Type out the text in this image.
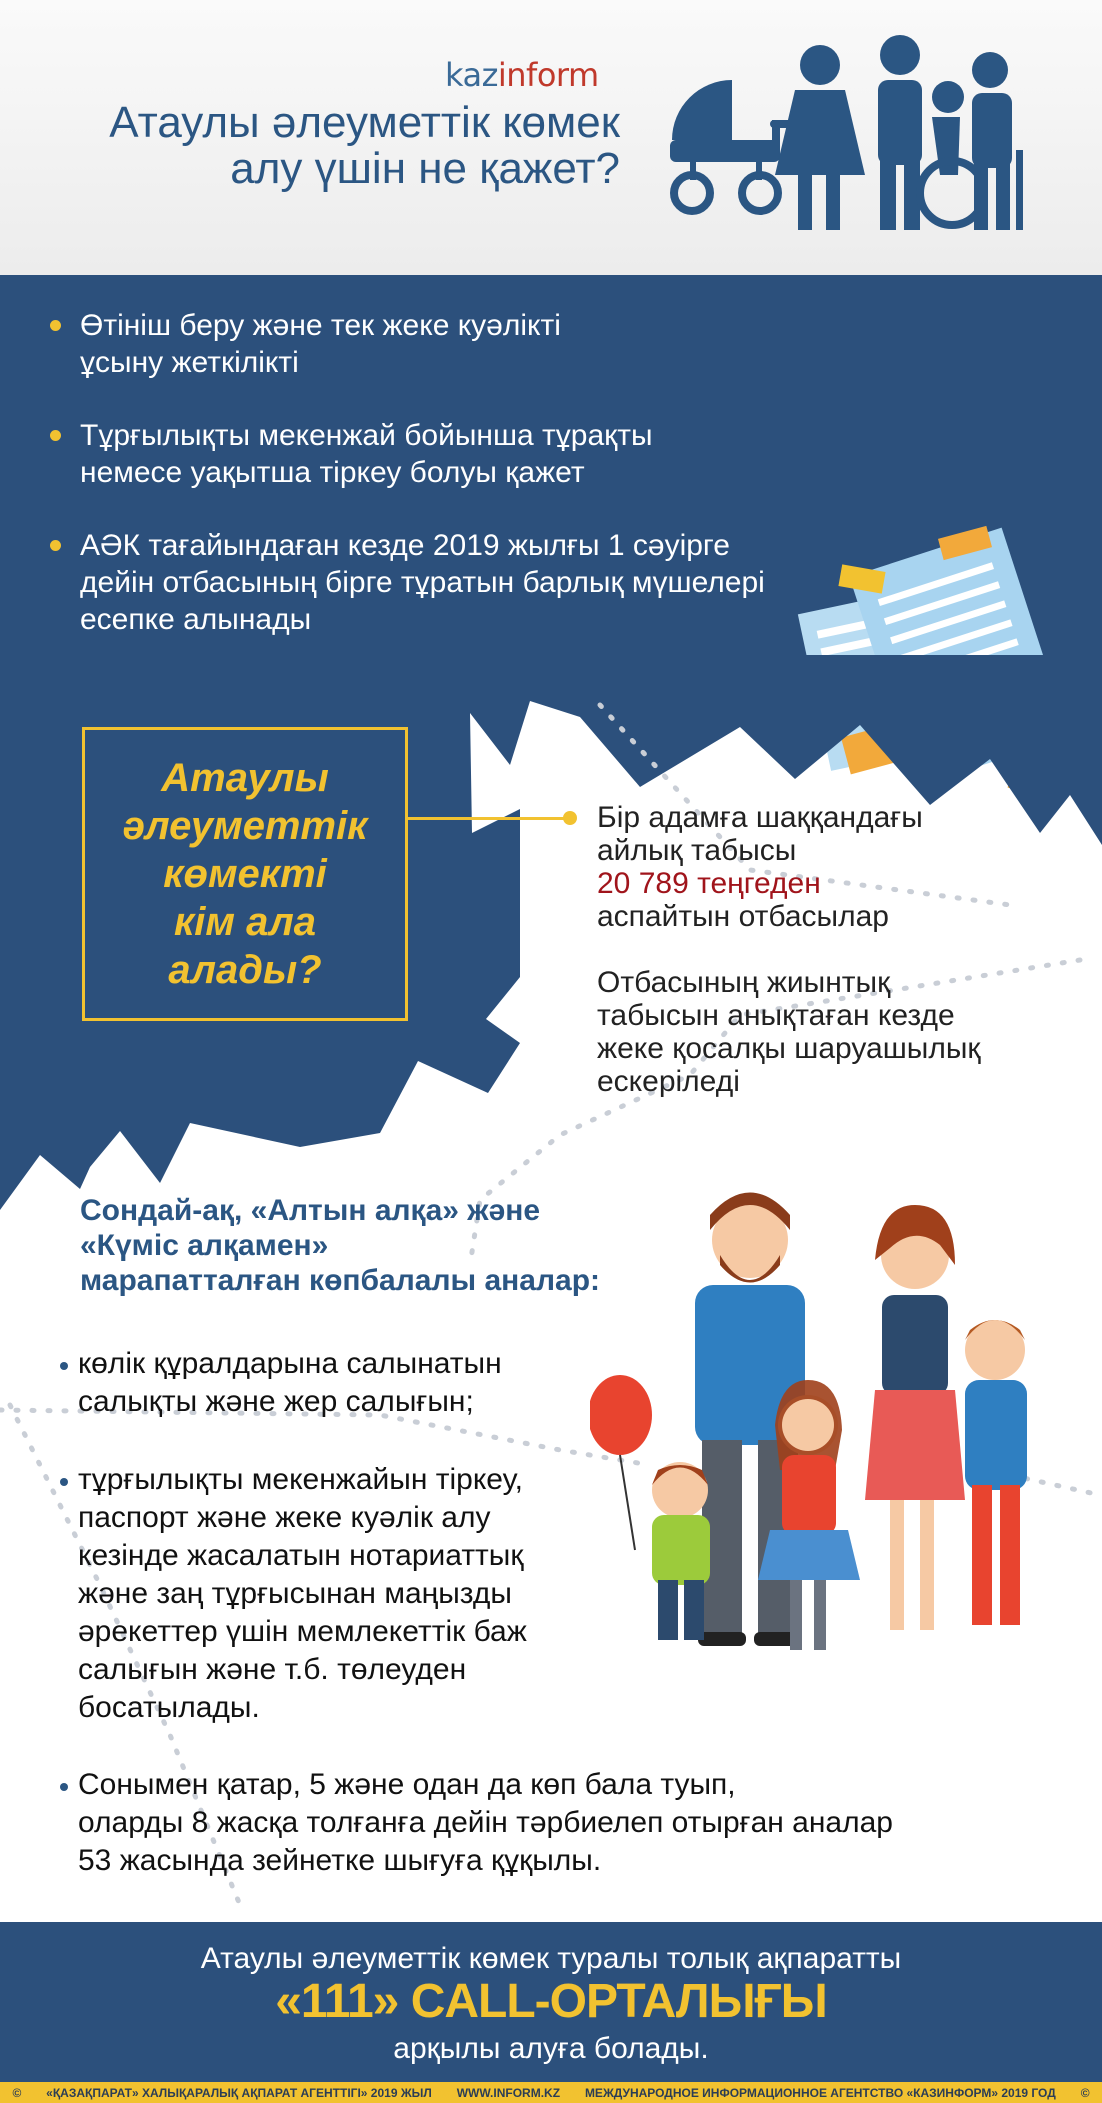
kazinform
Атаулы әлеуметтік көмек
алу үшін не қажет?
Өтініш беру және тек жеке куәлікті
ұсыну жеткілікті
Тұрғылықты мекенжай бойынша тұрақты
немесе уақытша тіркеу болуы қажет
АӘК тағайындаған кезде 2019 жылғы 1 сәуірге
дейін отбасының бірге тұратын барлық мүшелері
есепке алынады
Атаулы
әлеуметтік
көмекті
кім ала
алады?
Бір адамға шаққандағы
айлық табысы
20 789 теңгеден
аспайтын отбасылар
Отбасының жиынтық
табысын анықтаған кезде
жеке қосалқы шаруашылық
ескеріледі
Сондай-ақ, «Алтын алқа» және
«Күміс алқамен»
марапатталған көпбалалы аналар:
көлік құралдарына салынатын
салықты және жер салығын;
тұрғылықты мекенжайын тіркеу,
паспорт және жеке куәлік алу
кезінде жасалатын нотариаттық
және заң тұрғысынан маңызды
әрекеттер үшін мемлекеттік баж
салығын және т.б. төлеуден
босатылады.
Сонымен қатар, 5 және одан да көп бала туып,
оларды 8 жасқа толғанға дейін тәрбиелеп отырған аналар
53 жасында зейнетке шығуға құқылы.
Атаулы әлеуметтік көмек туралы толық ақпаратты
«111» CALL-ОРТАЛЫҒЫ
арқылы алуға болады.
© «ҚАЗАҚПАРАТ» ХАЛЫҚАРАЛЫҚ АҚПАРАТ АГЕНТТІГІ» 2019 ЖЫЛ WWW.INFORM.KZ МЕЖДУНАРОДНОЕ ИНФОРМАЦИОННОЕ АГЕНТСТВО «КАЗИНФОРМ» 2019 ГОД ©
